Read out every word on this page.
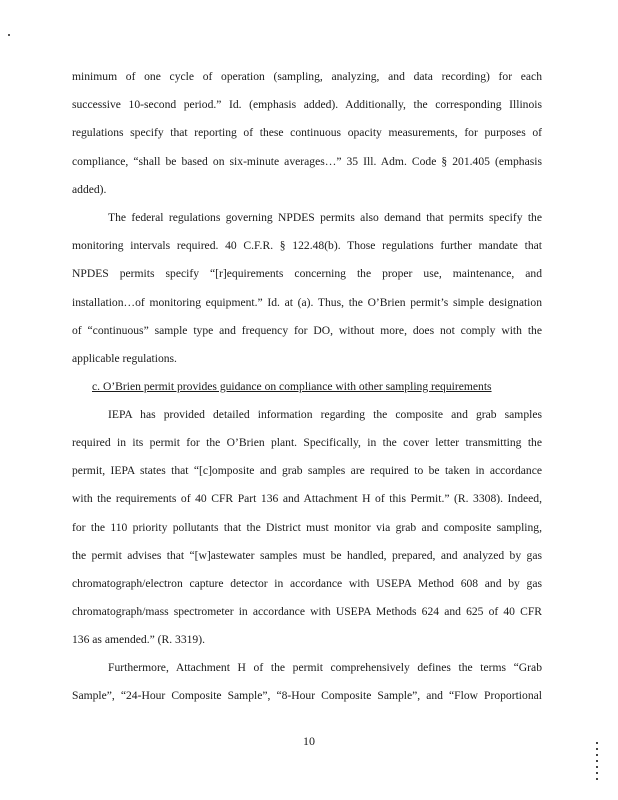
minimum of one cycle of operation (sampling, analyzing, and data recording) for each
successive 10-second period.” Id. (emphasis added). Additionally, the corresponding Illinois
regulations specify that reporting of these continuous opacity measurements, for purposes of
compliance, “shall be based on six-minute averages…” 35 Ill. Adm. Code § 201.405 (emphasis
added).
The federal regulations governing NPDES permits also demand that permits specify the
monitoring intervals required. 40 C.F.R. § 122.48(b). Those regulations further mandate that
NPDES permits specify “[r]equirements concerning the proper use, maintenance, and
installation…of monitoring equipment.” Id. at (a). Thus, the O’Brien permit’s simple designation
of “continuous” sample type and frequency for DO, without more, does not comply with the
applicable regulations.
c. O’Brien permit provides guidance on compliance with other sampling requirements
IEPA has provided detailed information regarding the composite and grab samples
required in its permit for the O’Brien plant. Specifically, in the cover letter transmitting the
permit, IEPA states that “[c]omposite and grab samples are required to be taken in accordance
with the requirements of 40 CFR Part 136 and Attachment H of this Permit.” (R. 3308). Indeed,
for the 110 priority pollutants that the District must monitor via grab and composite sampling,
the permit advises that “[w]astewater samples must be handled, prepared, and analyzed by gas
chromatograph/electron capture detector in accordance with USEPA Method 608 and by gas
chromatograph/mass spectrometer in accordance with USEPA Methods 624 and 625 of 40 CFR
136 as amended.” (R. 3319).
Furthermore, Attachment H of the permit comprehensively defines the terms “Grab
Sample”, “24-Hour Composite Sample”, “8-Hour Composite Sample”, and “Flow Proportional
10
